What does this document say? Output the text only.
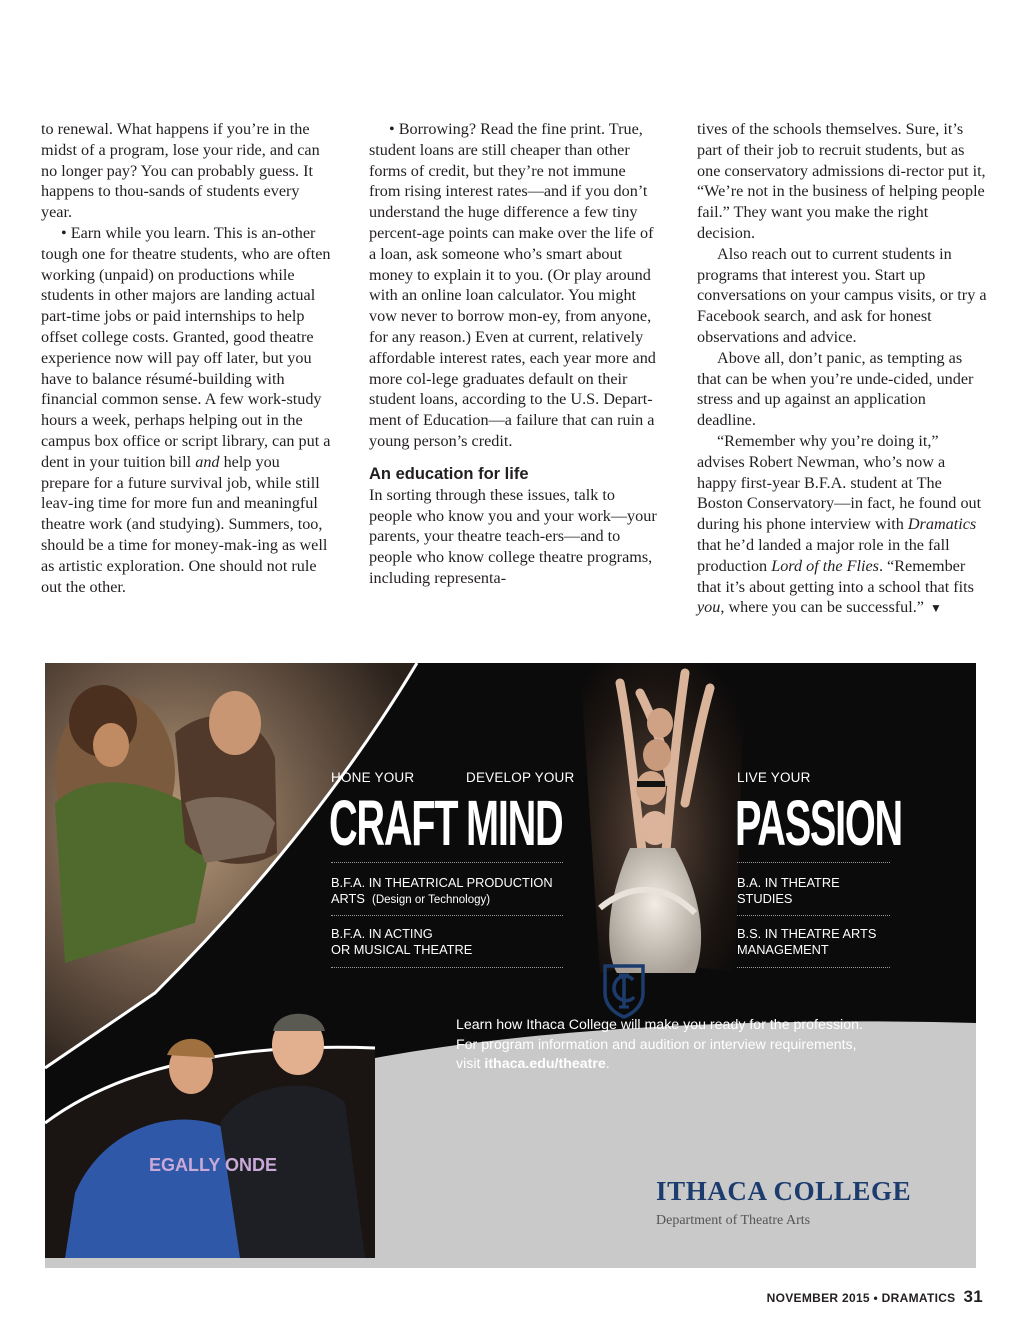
to renewal. What happens if you’re in the midst of a program, lose your ride, and can no longer pay? You can probably guess. It happens to thou-sands of students every year.

• Earn while you learn. This is an-other tough one for theatre students, who are often working (unpaid) on productions while students in other majors are landing actual part-time jobs or paid internships to help offset college costs. Granted, good theatre experience now will pay off later, but you have to balance résumé-building with financial common sense. A few work-study hours a week, perhaps helping out in the campus box office or script library, can put a dent in your tuition bill and help you prepare for a future survival job, while still leav-ing time for more fun and meaningful theatre work (and studying). Summers, too, should be a time for money-mak-ing as well as artistic exploration. One should not rule out the other.

• Borrowing? Read the fine print. True, student loans are still cheaper than other forms of credit, but they’re not immune from rising interest rates—and if you don’t understand the huge difference a few tiny percent-age points can make over the life of a loan, ask someone who’s smart about money to explain it to you. (Or play around with an online loan calculator. You might vow never to borrow mon-ey, from anyone, for any reason.) Even at current, relatively affordable interest rates, each year more and more col-lege graduates default on their student loans, according to the U.S. Depart-ment of Education—a failure that can ruin a young person’s credit.

An education for life

In sorting through these issues, talk to people who know you and your work—your parents, your theatre teach-ers—and to people who know college theatre programs, including representa-

tives of the schools themselves. Sure, it’s part of their job to recruit students, but as one conservatory admissions di-rector put it, “We’re not in the business of helping people fail.” They want you make the right decision.

Also reach out to current students in programs that interest you. Start up conversations on your campus visits, or try a Facebook search, and ask for honest observations and advice.

Above all, don’t panic, as tempting as that can be when you’re unde-cided, under stress and up against an application deadline.

“Remember why you’re doing it,” advises Robert Newman, who’s now a happy first-year B.F.A. student at The Boston Conservatory—in fact, he found out during his phone interview with Dramatics that he’d landed a major role in the fall production Lord of the Flies. “Remember that it’s about getting into a school that fits you, where you can be successful.” ▼

EGALLY ONDE
HONE YOUR	DEVELOP YOUR	LIVE YOUR
CRAFT MIND	PASSION
B.F.A. IN THEATRICAL PRODUCTION
ARTS (Design or Technology)
B.F.A. IN ACTING
OR MUSICAL THEATRE
B.A. IN THEATRE
STUDIES
B.S. IN THEATRE ARTS
MANAGEMENT
Learn how Ithaca College will make you ready for the profession. For program information and audition or interview requirements, visit ithaca.edu/theatre.
ITHACA COLLEGE
Department of Theatre Arts
NOVEMBER 2015 • DRAMATICS 31
